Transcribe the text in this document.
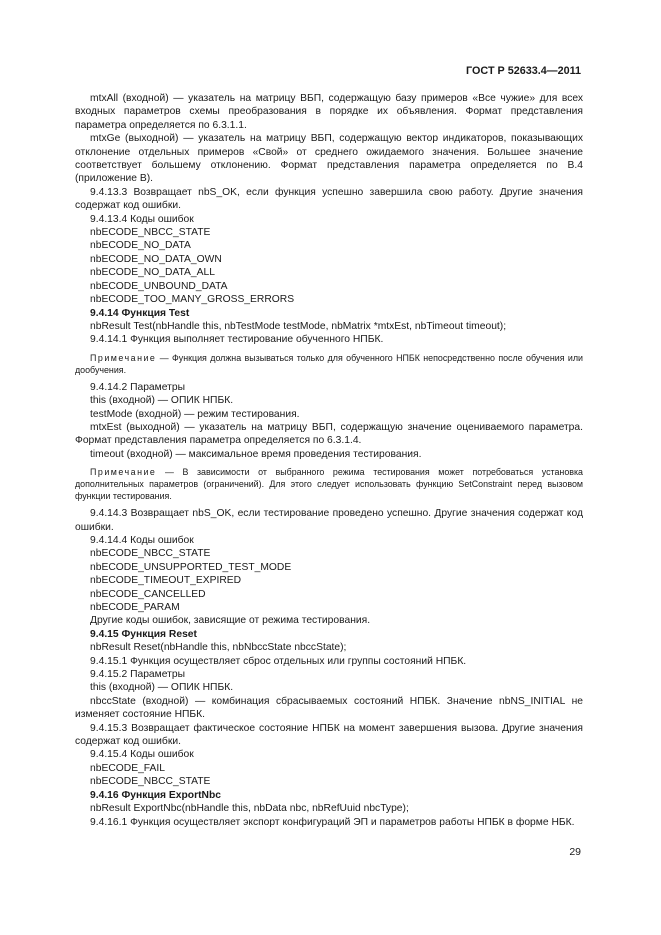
ГОСТ Р 52633.4—2011
mtxAll (входной) — указатель на матрицу ВБП, содержащую базу примеров «Все чужие» для всех входных параметров схемы преобразования в порядке их объявления. Формат представления параметра определяется по 6.3.1.1.
mtxGe (выходной) — указатель на матрицу ВБП, содержащую вектор индикаторов, показывающих отклонение отдельных примеров «Свой» от среднего ожидаемого значения. Большее значение соответствует большему отклонению. Формат представления параметра определяется по В.4 (приложение В).
9.4.13.3 Возвращает nbS_OK, если функция успешно завершила свою работу. Другие значения содержат код ошибки.
9.4.13.4 Коды ошибок
nbECODE_NBCC_STATE
nbECODE_NO_DATA
nbECODE_NO_DATA_OWN
nbECODE_NO_DATA_ALL
nbECODE_UNBOUND_DATA
nbECODE_TOO_MANY_GROSS_ERRORS
9.4.14 Функция Test
nbResult Test(nbHandle this, nbTestMode testMode, nbMatrix *mtxEst, nbTimeout timeout);
9.4.14.1 Функция выполняет тестирование обученного НПБК.
Примечание — Функция должна вызываться только для обученного НПБК непосредственно после обучения или дообучения.
9.4.14.2 Параметры
this (входной) — ОПИК НПБК.
testMode (входной) — режим тестирования.
mtxEst (выходной) — указатель на матрицу ВБП, содержащую значение оцениваемого параметра. Формат представления параметра определяется по 6.3.1.4.
timeout (входной) — максимальное время проведения тестирования.
Примечание — В зависимости от выбранного режима тестирования может потребоваться установка дополнительных параметров (ограничений). Для этого следует использовать функцию SetConstraint перед вызовом функции тестирования.
9.4.14.3 Возвращает nbS_OK, если тестирование проведено успешно. Другие значения содержат код ошибки.
9.4.14.4 Коды ошибок
nbECODE_NBCC_STATE
nbECODE_UNSUPPORTED_TEST_MODE
nbECODE_TIMEOUT_EXPIRED
nbECODE_CANCELLED
nbECODE_PARAM
Другие коды ошибок, зависящие от режима тестирования.
9.4.15 Функция Reset
nbResult Reset(nbHandle this, nbNbccState nbccState);
9.4.15.1 Функция осуществляет сброс отдельных или группы состояний НПБК.
9.4.15.2 Параметры
this (входной) — ОПИК НПБК.
nbccState (входной) — комбинация сбрасываемых состояний НПБК. Значение nbNS_INITIAL не изменяет состояние НПБК.
9.4.15.3 Возвращает фактическое состояние НПБК на момент завершения вызова. Другие значения содержат код ошибки.
9.4.15.4 Коды ошибок
nbECODE_FAIL
nbECODE_NBCC_STATE
9.4.16 Функция ExportNbc
nbResult ExportNbc(nbHandle this, nbData nbc, nbRefUuid nbcType);
9.4.16.1 Функция осуществляет экспорт конфигураций ЭП и параметров работы НПБК в форме НБК.
29
